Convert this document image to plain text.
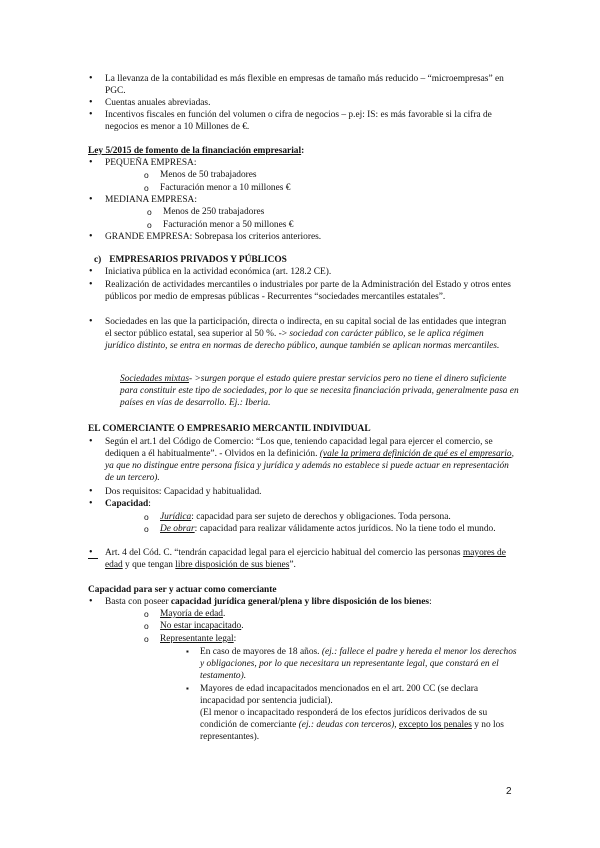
• La llevanza de la contabilidad es más flexible en empresas de tamaño más reducido – “microempresas” en PGC.
• Cuentas anuales abreviadas.
• Incentivos fiscales en función del volumen o cifra de negocios – p.ej: IS: es más favorable si la cifra de negocios es menor a 10 Millones de €.
Ley 5/2015 de fomento de la financiación empresarial:
• PEQUEÑA EMPRESA:
o Menos de 50 trabajadores
o Facturación menor a 10 millones €
• MEDIANA EMPRESA:
o Menos de 250 trabajadores
o Facturación menor a 50 millones €
• GRANDE EMPRESA: Sobrepasa los criterios anteriores.
c) EMPRESARIOS PRIVADOS Y PÚBLICOS
• Iniciativa pública en la actividad económica (art. 128.2 CE).
• Realización de actividades mercantiles o industriales por parte de la Administración del Estado y otros entes públicos por medio de empresas públicas - Recurrentes “sociedades mercantiles estatales”.
• Sociedades en las que la participación, directa o indirecta, en su capital social de las entidades que integran el sector público estatal, sea superior al 50 %. -> sociedad con carácter público, se le aplica régimen jurídico distinto, se entra en normas de derecho público, aunque también se aplican normas mercantiles.
Sociedades mixtas- >surgen porque el estado quiere prestar servicios pero no tiene el dinero suficiente para constituir este tipo de sociedades, por lo que se necesita financiación privada, generalmente pasa en países en vías de desarrollo. Ej.: Iberia.
EL COMERCIANTE O EMPRESARIO MERCANTIL INDIVIDUAL
• Según el art.1 del Código de Comercio: “Los que, teniendo capacidad legal para ejercer el comercio, se dediquen a él habitualmente”. - Olvidos en la definición. (vale la primera definición de qué es el empresario, ya que no distingue entre persona física y jurídica y además no establece si puede actuar en representación de un tercero).
• Dos requisitos: Capacidad y habitualidad.
• Capacidad:
o Jurídica: capacidad para ser sujeto de derechos y obligaciones. Toda persona.
o De obrar: capacidad para realizar válidamente actos jurídicos. No la tiene todo el mundo.
• Art. 4 del Cód. C. “tendrán capacidad legal para el ejercicio habitual del comercio las personas mayores de edad y que tengan libre disposición de sus bienes”.
Capacidad para ser y actuar como comerciante
• Basta con poseer capacidad jurídica general/plena y libre disposición de los bienes:
o Mayoría de edad.
o No estar incapacitado.
o Representante legal:
▪ En caso de mayores de 18 años. (ej.: fallece el padre y hereda el menor los derechos y obligaciones, por lo que necesitara un representante legal, que constará en el testamento).
▪ Mayores de edad incapacitados mencionados en el art. 200 CC (se declara incapacidad por sentencia judicial).
(El menor o incapacitado responderá de los efectos jurídicos derivados de su condición de comerciante (ej.: deudas con terceros), excepto los penales y no los representantes).
2
